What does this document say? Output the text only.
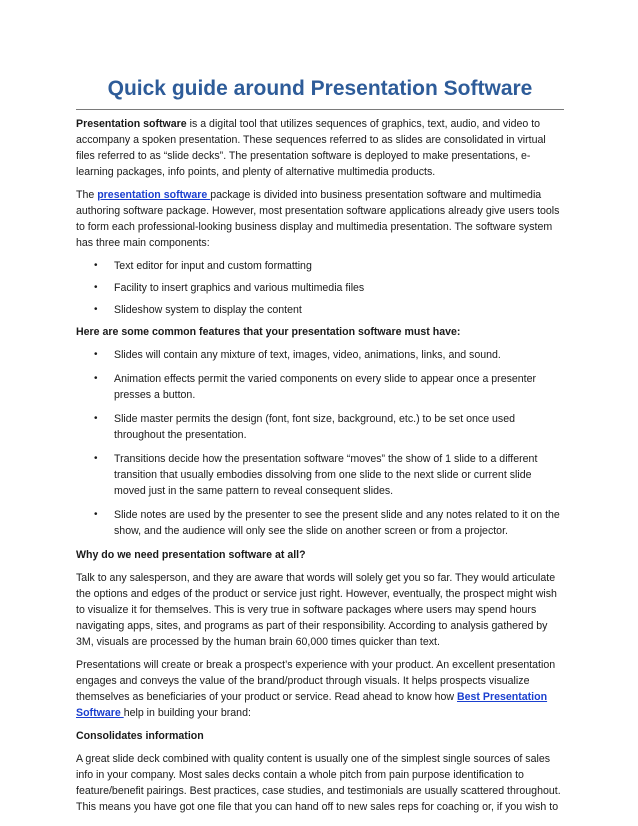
Quick guide around Presentation Software

Presentation software is a digital tool that utilizes sequences of graphics, text, audio, and video to accompany a spoken presentation. These sequences referred to as slides are consolidated in virtual files referred to as “slide decks”. The presentation software is deployed to make presentations, e-learning packages, info points, and plenty of alternative multimedia products.

The presentation software package is divided into business presentation software and multimedia authoring software package. However, most presentation software applications already give users tools to form each professional-looking business display and multimedia presentation. The software system has three main components:

• Text editor for input and custom formatting
• Facility to insert graphics and various multimedia files
• Slideshow system to display the content
Here are some common features that your presentation software must have:
• Slides will contain any mixture of text, images, video, animations, links, and sound.
• Animation effects permit the varied components on every slide to appear once a presenter presses a button.
• Slide master permits the design (font, font size, background, etc.) to be set once used throughout the presentation.
• Transitions decide how the presentation software “moves” the show of 1 slide to a different transition that usually embodies dissolving from one slide to the next slide or current slide moved just in the same pattern to reveal consequent slides.
• Slide notes are used by the presenter to see the present slide and any notes related to it on the show, and the audience will only see the slide on another screen or from a projector.
Why do we need presentation software at all?

Talk to any salesperson, and they are aware that words will solely get you so far. They would articulate the options and edges of the product or service just right. However, eventually, the prospect might wish to visualize it for themselves. This is very true in software packages where users may spend hours navigating apps, sites, and programs as part of their responsibility. According to analysis gathered by 3M, visuals are processed by the human brain 60,000 times quicker than text.

Presentations will create or break a prospect’s experience with your product. An excellent presentation engages and conveys the value of the brand/product through visuals. It helps prospects visualize themselves as beneficiaries of your product or service. Read ahead to know how Best Presentation Software help in building your brand:

Consolidates information

A great slide deck combined with quality content is usually one of the simplest single sources of sales info in your company. Most sales decks contain a whole pitch from pain purpose identification to feature/benefit pairings. Best practices, case studies, and testimonials are usually scattered throughout. This means you have got one file that you can hand off to new sales reps for coaching or, if you wish to
